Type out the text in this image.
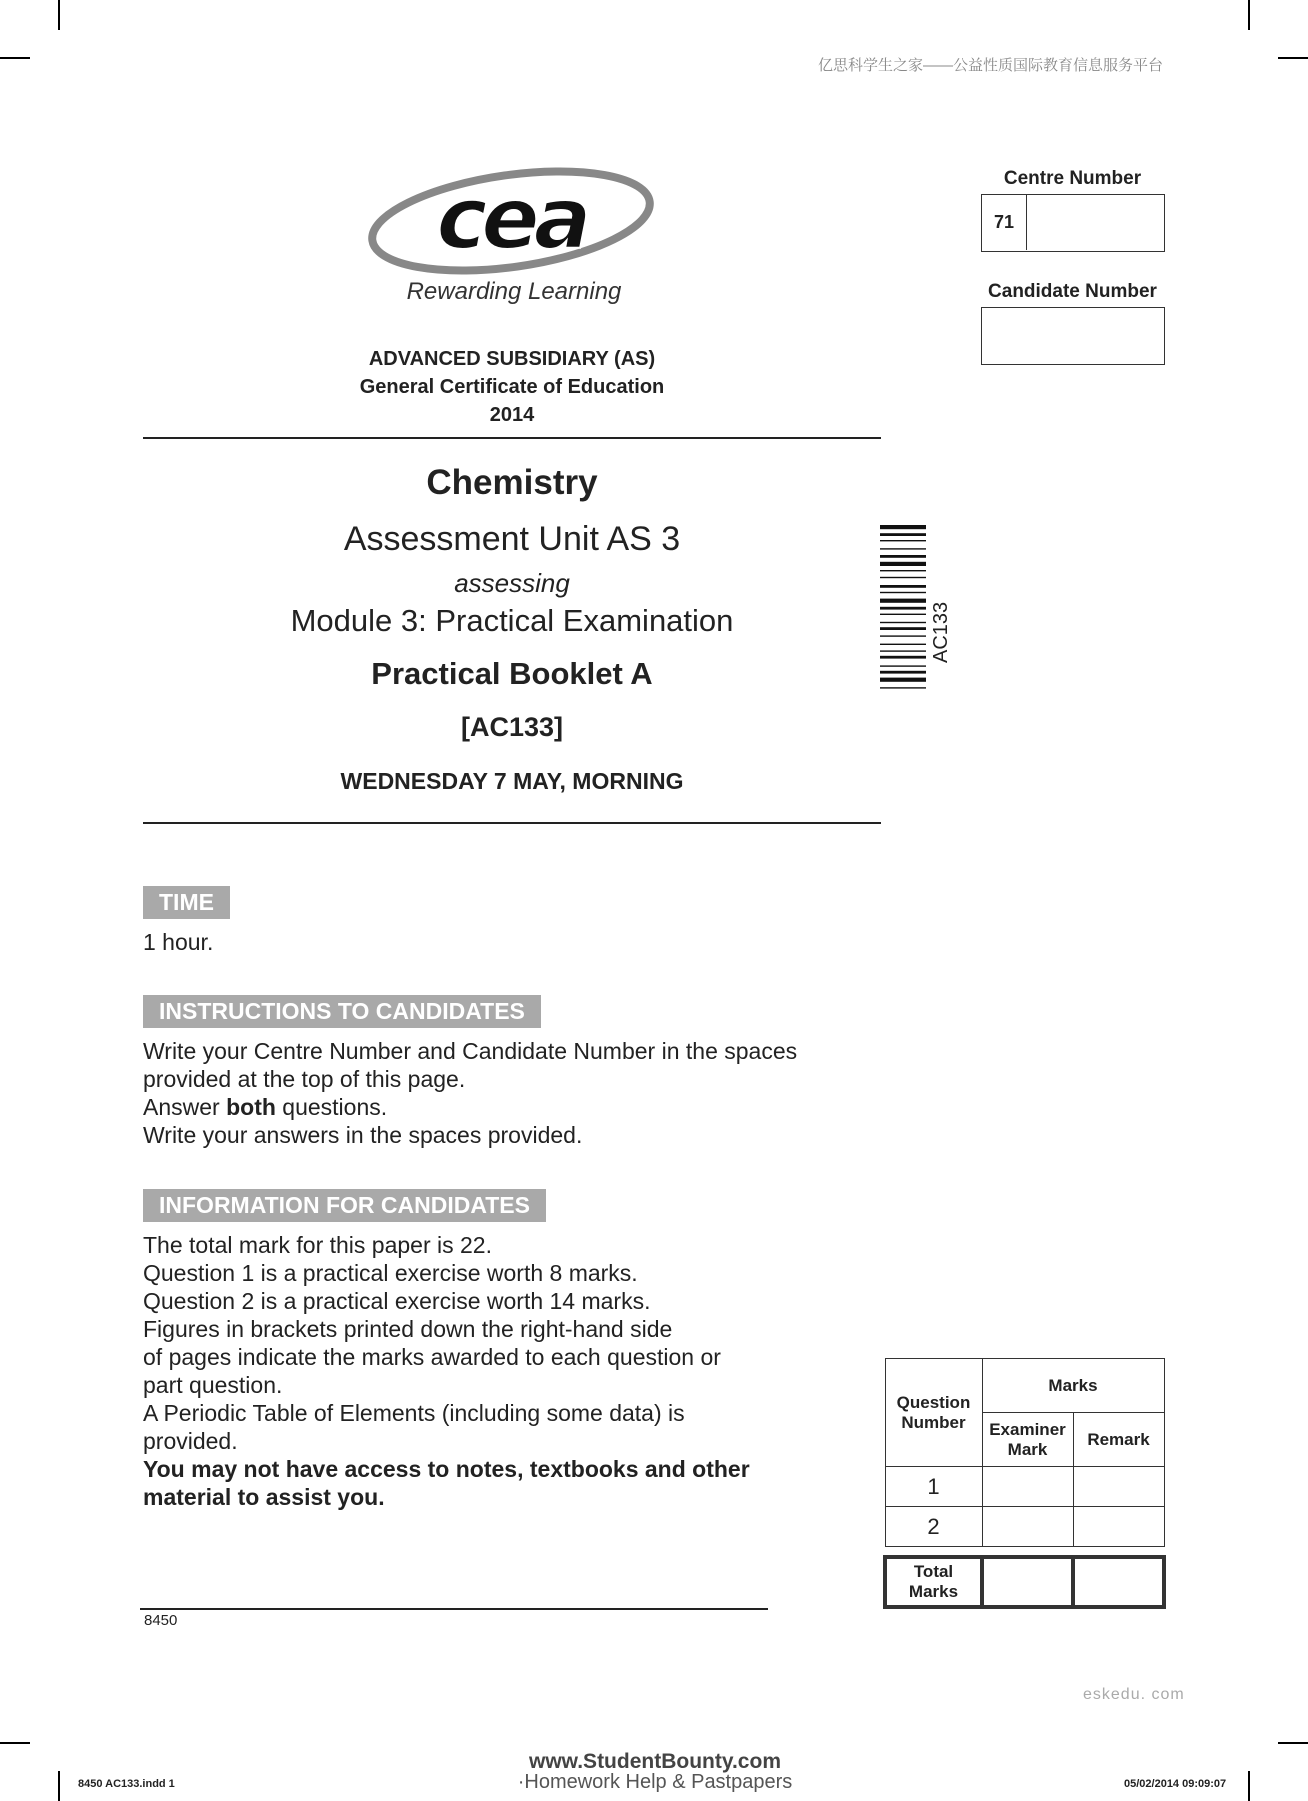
亿思科学生之家——公益性质国际教育信息服务平台
cea
Rewarding Learning
ADVANCED SUBSIDIARY (AS)
General Certificate of Education
2014
Chemistry
Assessment Unit AS 3
assessing
Module 3: Practical Examination
Practical Booklet A
[AC133]
WEDNESDAY 7 MAY, MORNING
AC133
Centre Number
71
Candidate Number
TIME
1 hour.
INSTRUCTIONS TO CANDIDATES
Write your Centre Number and Candidate Number in the spaces
provided at the top of this page.
Answer both questions.
Write your answers in the spaces provided.
INFORMATION FOR CANDIDATES
The total mark for this paper is 22.
Question 1 is a practical exercise worth 8 marks.
Question 2 is a practical exercise worth 14 marks.
Figures in brackets printed down the right-hand side
of pages indicate the marks awarded to each question or
part question.
A Periodic Table of Elements (including some data) is
provided.
You may not have access to notes, textbooks and other
material to assist you.
Question Number	Marks	
	Examiner Mark	Remark
1		
2		

Total Marks		
8450
eskedu. com
8450 AC133.indd 1	05/02/2014 09:09:07
www.StudentBounty.com
·Homework Help & Pastpapers
